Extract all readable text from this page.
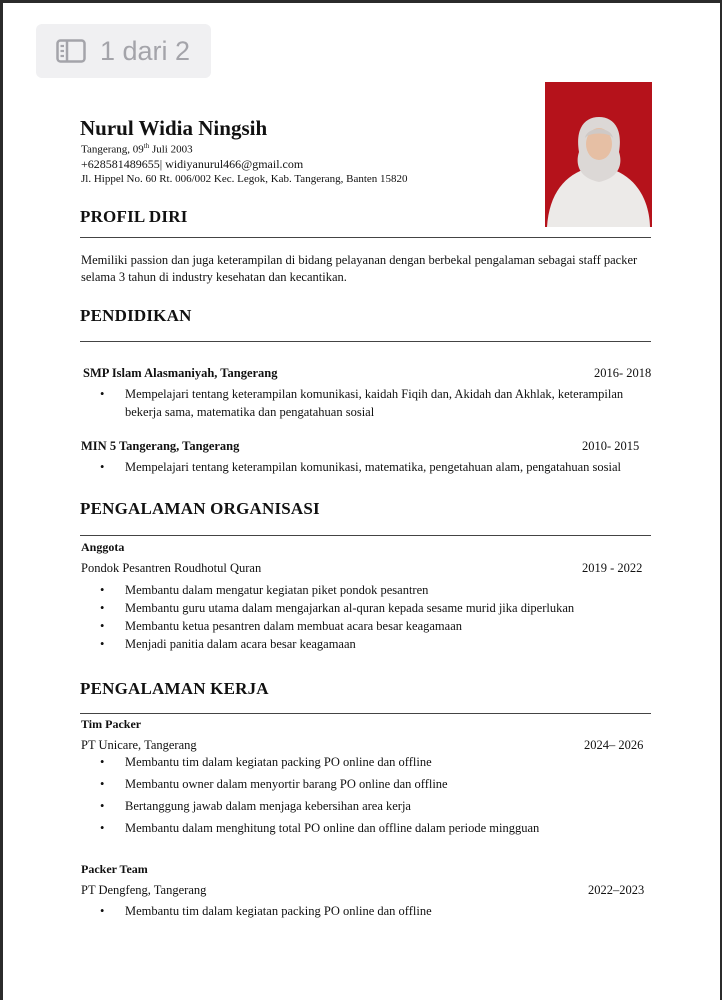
1 dari 2
Nurul Widia Ningsih
Tangerang, 09th Juli 2003
+628581489655| widiyanurul466@gmail.com
Jl. Hippel No. 60 Rt. 006/002 Kec. Legok, Kab. Tangerang, Banten 15820
PROFIL DIRI
Memiliki passion dan juga keterampilan di bidang pelayanan dengan berbekal pengalaman sebagai staff packer
selama 3 tahun di industry kesehatan dan kecantikan.
PENDIDIKAN
SMP Islam Alasmaniyah, Tangerang	2016- 2018
• Mempelajari tentang keterampilan komunikasi, kaidah Fiqih dan, Akidah dan Akhlak, keterampilan
bekerja sama, matematika dan pengatahuan sosial
MIN 5 Tangerang, Tangerang	2010- 2015
• Mempelajari tentang keterampilan komunikasi, matematika, pengetahuan alam, pengatahuan sosial
PENGALAMAN ORGANISASI
Anggota
Pondok Pesantren Roudhotul Quran	2019 - 2022
• Membantu dalam mengatur kegiatan piket pondok pesantren
• Membantu guru utama dalam mengajarkan al-quran kepada sesame murid jika diperlukan
• Membantu ketua pesantren dalam membuat acara besar keagamaan
• Menjadi panitia dalam acara besar keagamaan
PENGALAMAN KERJA
Tim Packer
PT Unicare, Tangerang	2024– 2026
• Membantu tim dalam kegiatan packing PO online dan offline
• Membantu owner dalam menyortir barang PO online dan offline
• Bertanggung jawab dalam menjaga kebersihan area kerja
• Membantu dalam menghitung total PO online dan offline dalam periode mingguan
Packer Team
PT Dengfeng, Tangerang	2022–2023
• Membantu tim dalam kegiatan packing PO online dan offline
